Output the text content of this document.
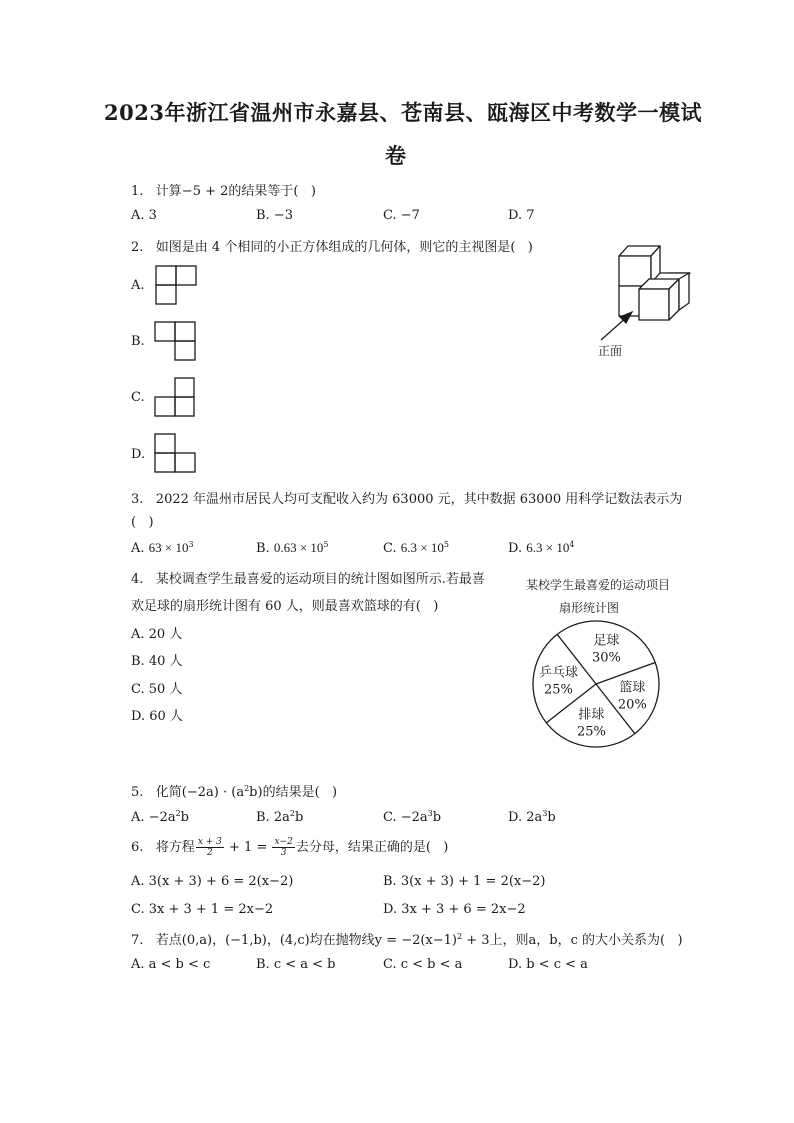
2023年浙江省温州市永嘉县、苍南县、瓯海区中考数学一模试
卷
1.   计算−5 + 2的结果等于(   )
A. 3	B. −3	C. −7	D. 7
2.   如图是由 4 个相同的小正方体组成的几何体，则它的主视图是(   )
A.
B.
C.
D.
正面
3.   2022 年温州市居民人均可支配收入约为 63000 元，其中数据 63000 用科学记数法表示为
(   )
A. $63 \times 10^3$	B. $0.63 \times 10^5$	C. $6.3 \times 10^5$	D. $6.3 \times 10^4$
4.   某校调查学生最喜爱的运动项目的统计图如图所示.若最喜
欢足球的扇形统计图有 60 人，则最喜欢篮球的有(   )
A. 20 人
B. 40 人
C. 50 人
D. 60 人
某校学生最喜爱的运动项目
扇形统计图
足球
30%
篮球
20%
排球
25%
乒乓球
25%
5.   化简$(-2a) \cdot (a^2b)$的结果是(   )
A. $-2a^2b$	B. $2a^2b$	C. $-2a^3b$	D. $2a^3b$
6.   将方程 $\frac{x + 3}{2} + 1 = \frac{x-2}{3}$ 去分母，结果正确的是(   )
A. 3(x + 3) + 6 = 2(x−2)	B. 3(x + 3) + 1 = 2(x−2)
C. 3x + 3 + 1 = 2x−2	D. 3x + 3 + 6 = 2x−2
7.   若点(0,a)，(−1,b)，(4,c)均在抛物线$y = -2(x-1)^2 + 3$上，则a，b，c 的大小关系为(   )
A. a < b < c	B. c < a < b	C. c < b < a	D. b < c < a
